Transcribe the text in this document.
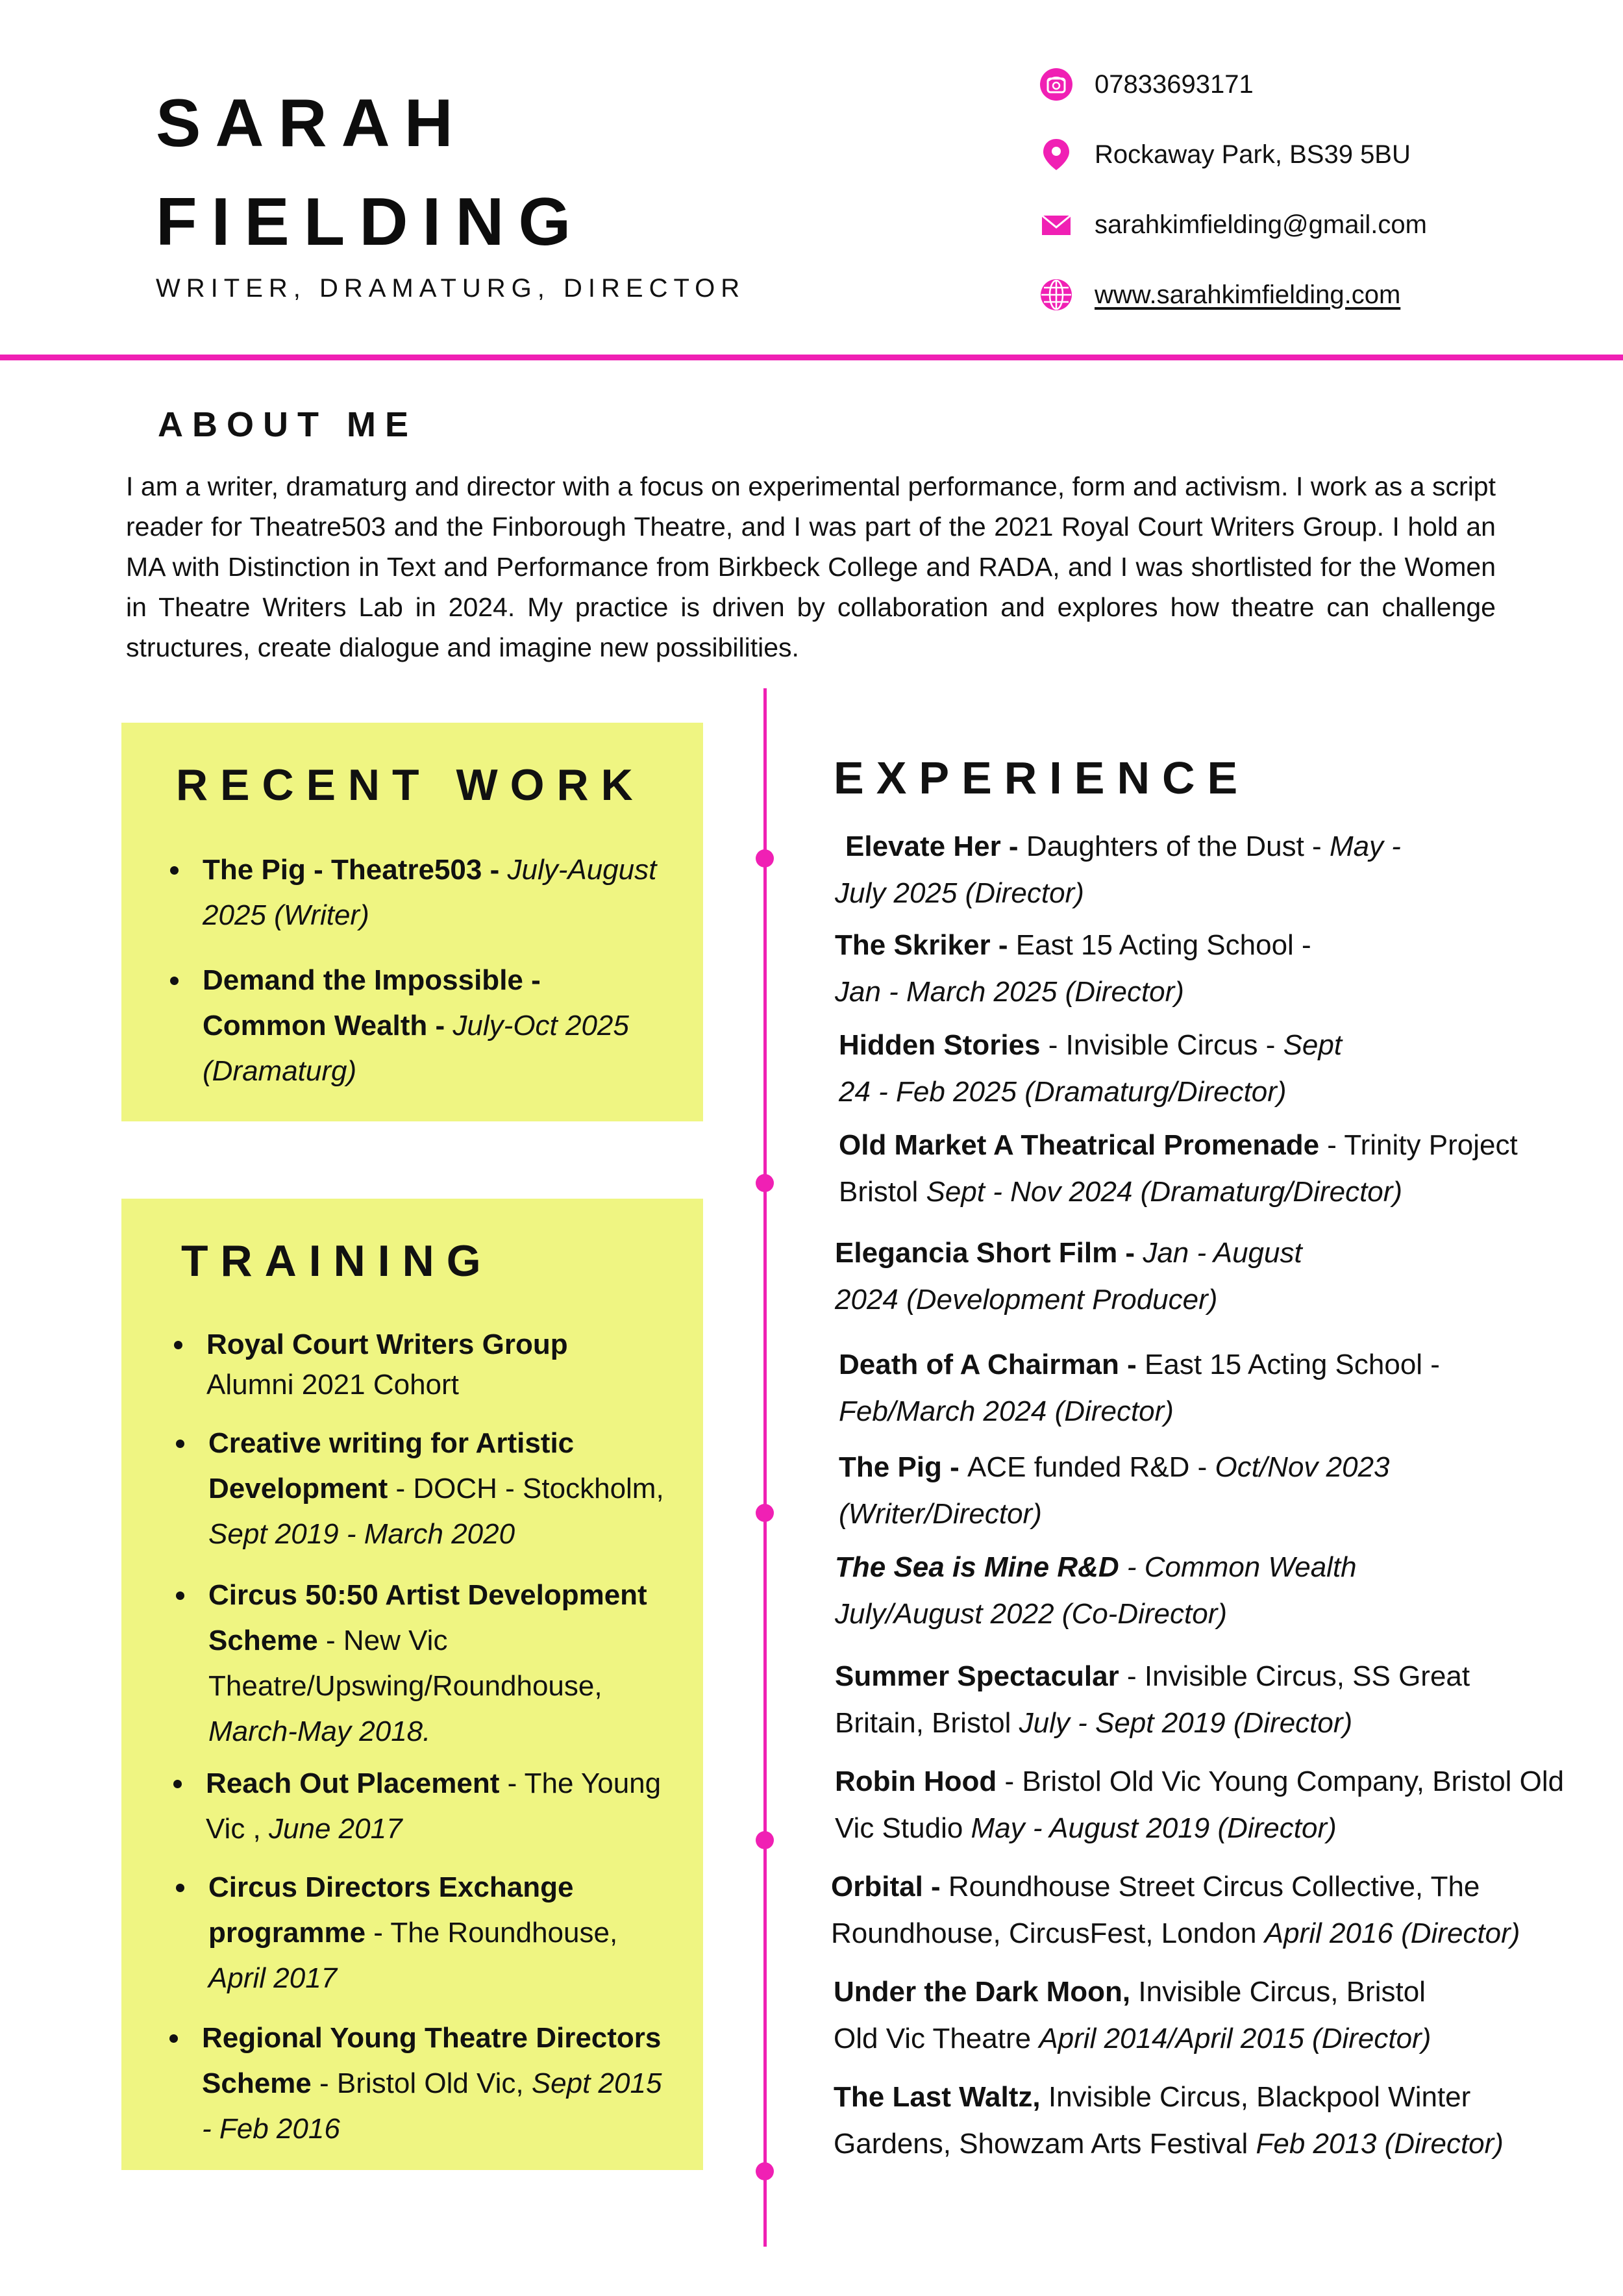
SARAH
FIELDING
WRITER, DRAMATURG, DIRECTOR
07833693171
Rockaway Park, BS39 5BU
sarahkimfielding@gmail.com
www.sarahkimfielding.com
ABOUT ME
I am a writer, dramaturg and director with a focus on experimental performance, form and activism. I work as a script reader for Theatre503 and the Finborough Theatre, and I was part of the 2021 Royal Court Writers Group. I hold an MA with Distinction in Text and Performance from Birkbeck College and RADA, and I was shortlisted for the Women in Theatre Writers Lab in 2024. My practice is driven by collaboration and explores how theatre can challenge structures, create dialogue and imagine new possibilities.
RECENT WORK
The Pig - Theatre503 - July-August
2025 (Writer)
Demand the Impossible -
Common Wealth - July-Oct 2025
(Dramaturg)
TRAINING
Royal Court Writers Group
Alumni 2021 Cohort
Creative writing for Artistic
Development - DOCH - Stockholm,
Sept 2019 - March 2020
Circus 50:50 Artist Development
Scheme - New Vic
Theatre/Upswing/Roundhouse,
March-May 2018.
Reach Out Placement - The Young
Vic , June 2017
Circus Directors Exchange
programme - The Roundhouse,
April 2017
Regional Young Theatre Directors
Scheme - Bristol Old Vic, Sept 2015
- Feb 2016
EXPERIENCE
Elevate Her - Daughters of the Dust - May -
July 2025 (Director)
The Skriker - East 15 Acting School -
Jan - March 2025 (Director)
Hidden Stories - Invisible Circus - Sept
24 - Feb 2025 (Dramaturg/Director)
Old Market A Theatrical Promenade - Trinity Project
Bristol Sept - Nov 2024 (Dramaturg/Director)
Elegancia Short Film - Jan - August
2024 (Development Producer)
Death of A Chairman - East 15 Acting School -
Feb/March 2024 (Director)
The Pig - ACE funded R&D - Oct/Nov 2023
(Writer/Director)
The Sea is Mine R&D - Common Wealth
July/August 2022 (Co-Director)
Summer Spectacular - Invisible Circus, SS Great
Britain, Bristol July - Sept 2019 (Director)
Robin Hood - Bristol Old Vic Young Company, Bristol Old
Vic Studio May - August 2019 (Director)
Orbital - Roundhouse Street Circus Collective, The
Roundhouse, CircusFest, London April 2016 (Director)
Under the Dark Moon, Invisible Circus, Bristol
Old Vic Theatre April 2014/April 2015 (Director)
The Last Waltz, Invisible Circus, Blackpool Winter
Gardens, Showzam Arts Festival Feb 2013 (Director)
